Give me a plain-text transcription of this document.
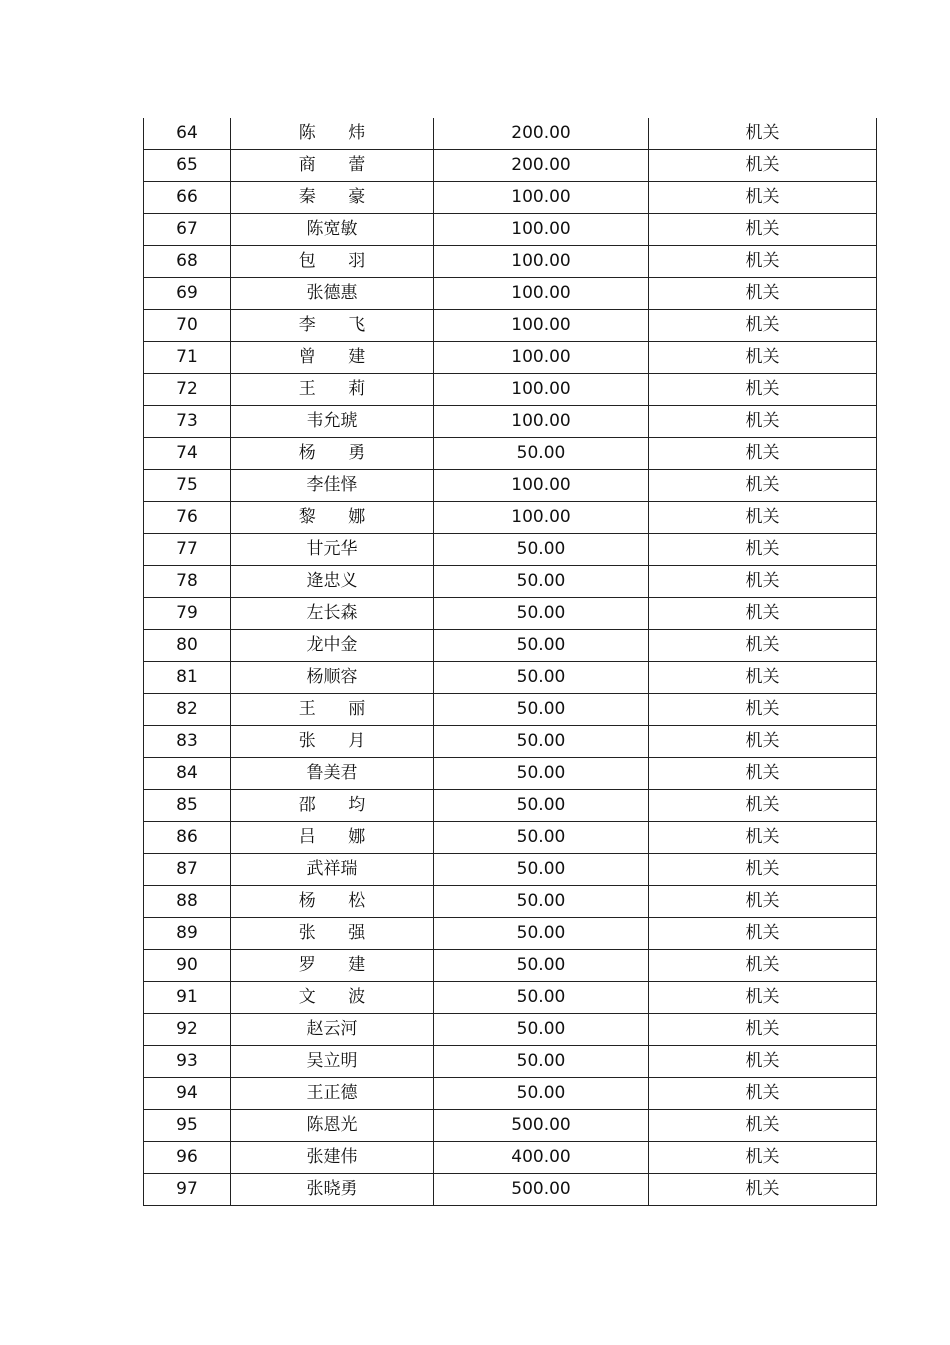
64	陈 炜	200.00	机关
65	商 蕾	200.00	机关
66	秦 豪	100.00	机关
67	陈宽敏	100.00	机关
68	包 羽	100.00	机关
69	张德惠	100.00	机关
70	李 飞	100.00	机关
71	曾 建	100.00	机关
72	王 莉	100.00	机关
73	韦允琥	100.00	机关
74	杨 勇	50.00	机关
75	李佳怿	100.00	机关
76	黎 娜	100.00	机关
77	甘元华	50.00	机关
78	逄忠义	50.00	机关
79	左长森	50.00	机关
80	龙中金	50.00	机关
81	杨顺容	50.00	机关
82	王 丽	50.00	机关
83	张 月	50.00	机关
84	鲁美君	50.00	机关
85	邵 均	50.00	机关
86	吕 娜	50.00	机关
87	武祥瑞	50.00	机关
88	杨 松	50.00	机关
89	张 强	50.00	机关
90	罗 建	50.00	机关
91	文 波	50.00	机关
92	赵云河	50.00	机关
93	吴立明	50.00	机关
94	王正德	50.00	机关
95	陈恩光	500.00	机关
96	张建伟	400.00	机关
97	张晓勇	500.00	机关
